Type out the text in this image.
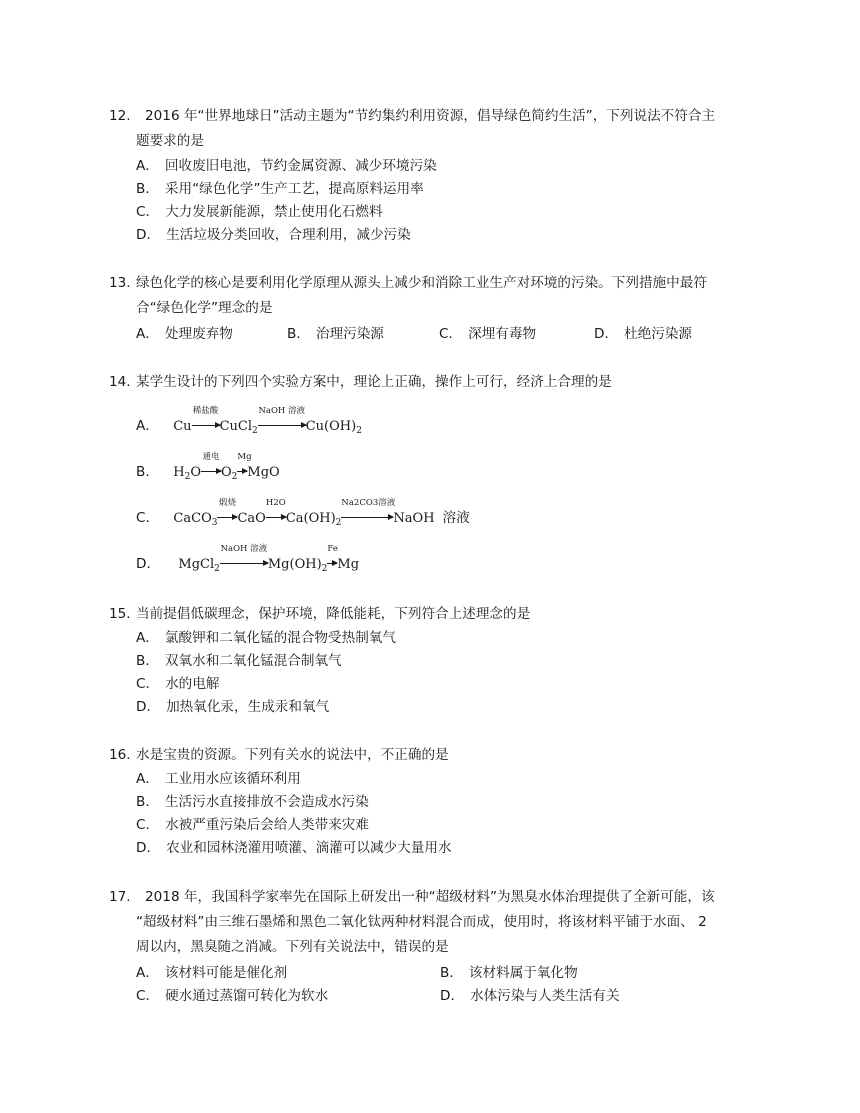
12. 2016 年“世界地球日”活动主题为“节约集约利用资源，倡导绿色简约生活”，下列说法不符合主
题要求的是
A． 回收废旧电池，节约金属资源、减少环境污染
B． 采用“绿色化学”生产工艺，提高原料运用率
C． 大力发展新能源，禁止使用化石燃料
D． 生活垃圾分类回收，合理利用，减少污染
13. 绿色化学的核心是要利用化学原理从源头上减少和消除工业生产对环境的污染。下列措施中最符
合“绿色化学”理念的是
A． 处理废弃物	B． 治理污染源	C． 深埋有毒物	D． 杜绝污染源
14. 某学生设计的下列四个实验方案中，理论上正确，操作上可行，经济上合理的是
A． Cu
稀盐酸
CuCl$_2$
NaOH 溶液
$Cu(OH)_2$
B． $H_2O$
通电
$O_2$
Mg
MgO
C． CaCO$_3$
煅烧
CaO
H2O
$Ca(OH)_2$
Na2CO3溶液
NaOH 溶液
D． MgCl$_2$
NaOH 溶液
$Mg(OH)_2$
Fe
Mg
15. 当前提倡低碳理念，保护环境，降低能耗，下列符合上述理念的是
A． 氯酸钾和二氧化锰的混合物受热制氧气
B． 双氧水和二氧化锰混合制氧气
C． 水的电解
D． 加热氧化汞，生成汞和氧气
16. 水是宝贵的资源。下列有关水的说法中，不正确的是
A． 工业用水应该循环利用
B． 生活污水直接排放不会造成水污染
C． 水被严重污染后会给人类带来灾难
D． 农业和园林浇灌用喷灌、滴灌可以减少大量用水
17. 2018 年，我国科学家率先在国际上研发出一种“超级材料”为黑臭水体治理提供了全新可能，该
“超级材料”由三维石墨烯和黑色二氧化钛两种材料混合而成，使用时，将该材料平铺于水面、 2
周以内，黑臭随之消减。下列有关说法中，错误的是
A． 该材料可能是催化剂	B． 该材料属于氧化物
C． 硬水通过蒸馏可转化为软水	D． 水体污染与人类生活有关
